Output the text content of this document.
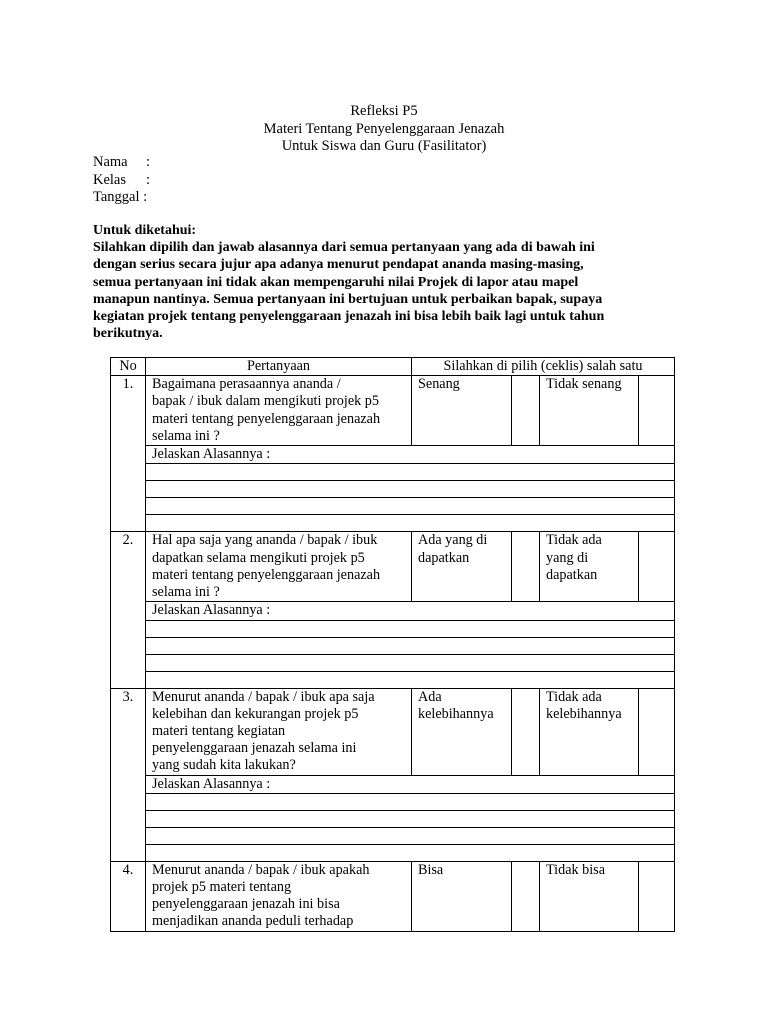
Refleksi P5
Materi Tentang Penyelenggaraan Jenazah
Untuk Siswa dan Guru (Fasilitator)
Nama	:
Kelas	:
Tanggal
:
Untuk diketahui:
Silahkan dipilih dan jawab alasannya dari semua pertanyaan yang ada di bawah ini
dengan serius secara jujur apa adanya menurut pendapat ananda masing-masing,
semua pertanyaan ini tidak akan mempengaruhi nilai Projek di lapor atau mapel
manapun nantinya. Semua pertanyaan ini bertujuan untuk perbaikan bapak, supaya
kegiatan projek tentang penyelenggaraan jenazah ini bisa lebih baik lagi untuk tahun
berikutnya.
No	Pertanyaan	Silahkan di pilih (ceklis) salah satu			
1.	Bagaimana perasaannya ananda /
bapak / ibuk dalam mengikuti projek p5
materi tentang penyelenggaraan jenazah
selama ini ?	Senang		Tidak senang	

	Jelaskan Alasannya :				

2.	Hal apa saja yang ananda / bapak / ibuk
dapatkan selama mengikuti projek p5
materi tentang penyelenggaraan jenazah
selama ini ?	Ada yang di
dapatkan		Tidak ada
yang di
dapatkan	

	Jelaskan Alasannya :				

3.	Menurut ananda / bapak / ibuk apa saja
kelebihan dan kekurangan projek p5
materi tentang kegiatan
penyelenggaraan jenazah selama ini
yang sudah kita lakukan?	Ada
kelebihannya		Tidak ada
kelebihannya	

	Jelaskan Alasannya :				

4.	Menurut ananda / bapak / ibuk apakah
projek p5 materi tentang
penyelenggaraan jenazah ini bisa
menjadikan ananda peduli terhadap	Bisa		Tidak bisa	
